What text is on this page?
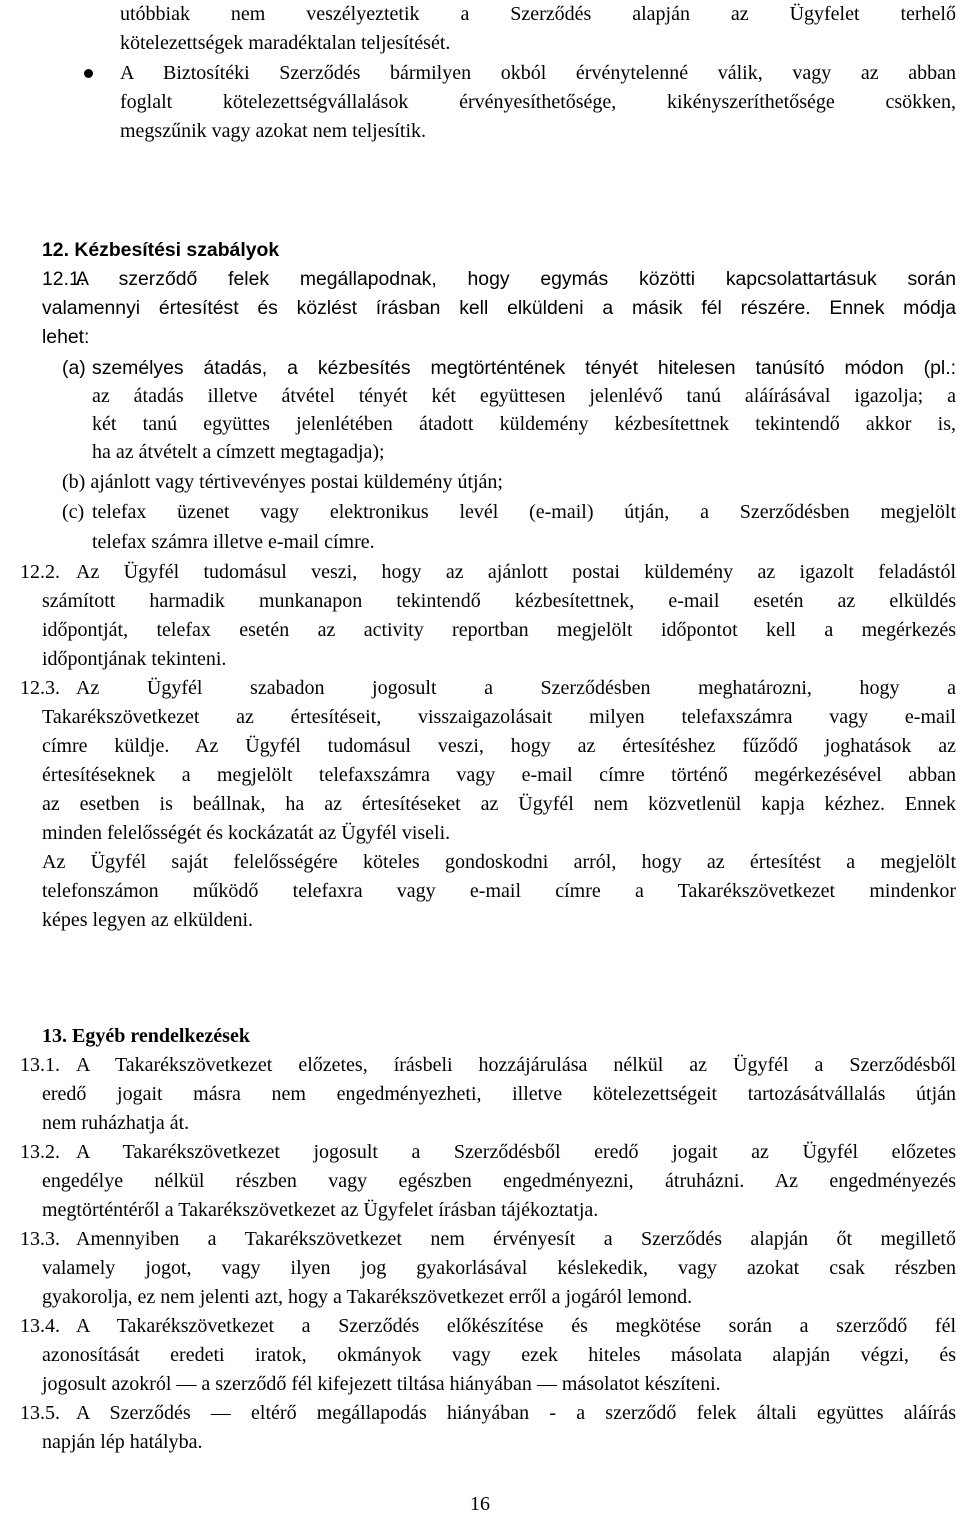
utóbbiak nem veszélyeztetik a Szerződés alapján az Ügyfelet terhelő
kötelezettségek maradéktalan teljesítését.
A Biztosítéki Szerződés bármilyen okból érvénytelenné válik, vagy az abban
foglalt kötelezettségvállalások érvényesíthetősége, kikényszeríthetősége csökken,
megszűnik vagy azokat nem teljesítik.
12. Kézbesítési szabályok
12.1.
A szerződő felek megállapodnak, hogy egymás közötti kapcsolattartásuk során
valamennyi értesítést és közlést írásban kell elküldeni a másik fél részére. Ennek módja
lehet:
(a) személyes átadás, a kézbesítés megtörténtének tényét hitelesen tanúsító módon (pl.:
az átadás illetve átvétel tényét két együttesen jelenlévő tanú aláírásával igazolja; a
két tanú együttes jelenlétében átadott küldemény kézbesítettnek tekintendő akkor is,
ha az átvételt a címzett megtagadja);
(b) ajánlott vagy tértivevényes postai küldemény útján;
(c) telefax üzenet vagy elektronikus levél (e-mail) útján, a Szerződésben megjelölt
telefax számra illetve e-mail címre.
12.2. Az Ügyfél tudomásul veszi, hogy az ajánlott postai küldemény az igazolt feladástól
számított harmadik munkanapon tekintendő kézbesítettnek, e-mail esetén az elküldés
időpontját, telefax esetén az activity reportban megjelölt időpontot kell a megérkezés
időpontjának tekinteni.
12.3. Az Ügyfél szabadon jogosult a Szerződésben meghatározni, hogy a
Takarékszövetkezet az értesítéseit, visszaigazolásait milyen telefaxszámra vagy e-mail
címre küldje. Az Ügyfél tudomásul veszi, hogy az értesítéshez fűződő joghatások az
értesítéseknek a megjelölt telefaxszámra vagy e-mail címre történő megérkezésével abban
az esetben is beállnak, ha az értesítéseket az Ügyfél nem közvetlenül kapja kézhez. Ennek
minden felelősségét és kockázatát az Ügyfél viseli.
Az Ügyfél saját felelősségére köteles gondoskodni arról, hogy az értesítést a megjelölt
telefonszámon működő telefaxra vagy e-mail címre a Takarékszövetkezet mindenkor
képes legyen az elküldeni.
13. Egyéb rendelkezések
13.1. A Takarékszövetkezet előzetes, írásbeli hozzájárulása nélkül az Ügyfél a Szerződésből
eredő jogait másra nem engedményezheti, illetve kötelezettségeit tartozásátvállalás útján
nem ruházhatja át.
13.2. A Takarékszövetkezet jogosult a Szerződésből eredő jogait az Ügyfél előzetes
engedélye nélkül részben vagy egészben engedményezni, átruházni. Az engedményezés
megtörténtéről a Takarékszövetkezet az Ügyfelet írásban tájékoztatja.
13.3. Amennyiben a Takarékszövetkezet nem érvényesít a Szerződés alapján őt megillető
valamely jogot, vagy ilyen jog gyakorlásával késlekedik, vagy azokat csak részben
gyakorolja, ez nem jelenti azt, hogy a Takarékszövetkezet erről a jogáról lemond.
13.4. A Takarékszövetkezet a Szerződés előkészítése és megkötése során a szerződő fél
azonosítását eredeti iratok, okmányok vagy ezek hiteles másolata alapján végzi, és
jogosult azokról — a szerződő fél kifejezett tiltása hiányában — másolatot készíteni.
13.5. A Szerződés — eltérő megállapodás hiányában - a szerződő felek általi együttes aláírás
napján lép hatályba.
16
